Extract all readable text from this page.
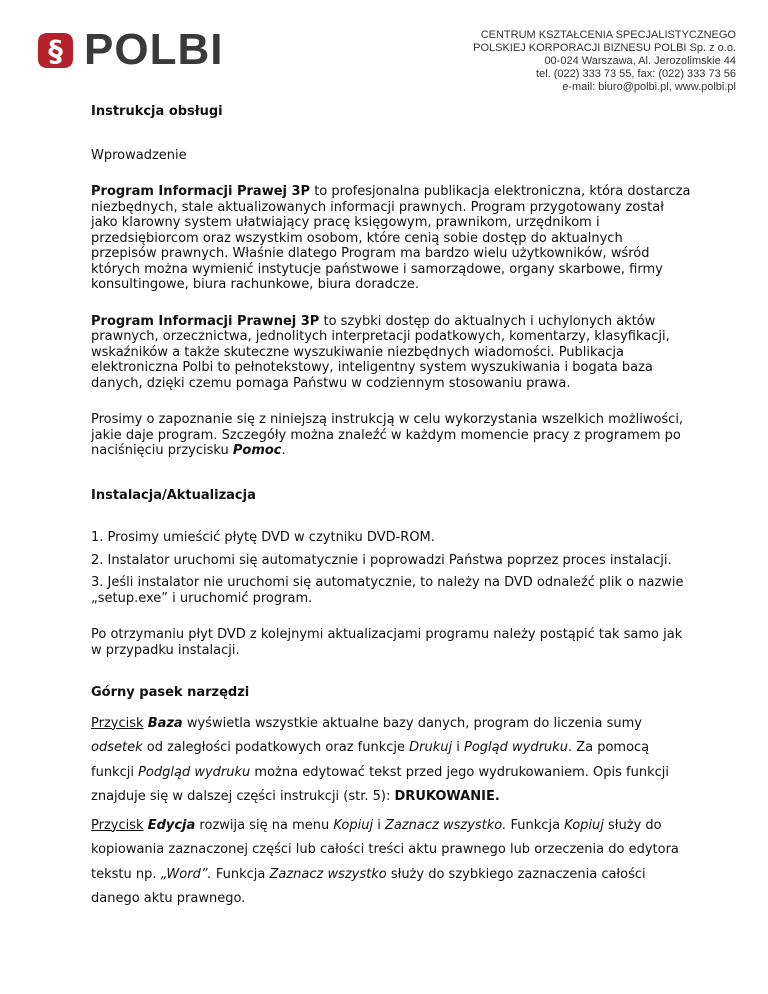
§ POLBI	CENTRUM KSZTAŁCENIA SPECJALISTYCZNEGO
POLSKIEJ KORPORACJI BIZNESU POLBI Sp. z o.o.
00-024 Warszawa, Al. Jerozolimskie 44
tel. (022) 333 73 55, fax: (022) 333 73 56
e-mail: biuro@polbi.pl, www.polbi.pl

Instrukcja obsługi

Wprowadzenie

Program Informacji Prawej 3P to profesjonalna publikacja elektroniczna, która dostarcza niezbędnych, stale aktualizowanych informacji prawnych. Program przygotowany został jako klarowny system ułatwiający pracę księgowym, prawnikom, urzędnikom i przedsiębiorcom oraz wszystkim osobom, które cenią sobie dostęp do aktualnych przepisów prawnych. Właśnie dlatego Program ma bardzo wielu użytkowników, wśród których można wymienić instytucje państwowe i samorządowe, organy skarbowe, firmy konsultingowe, biura rachunkowe, biura doradcze.

Program Informacji Prawnej 3P to szybki dostęp do aktualnych i uchylonych aktów prawnych, orzecznictwa, jednolitych interpretacji podatkowych, komentarzy, klasyfikacji, wskaźników a także skuteczne wyszukiwanie niezbędnych wiadomości. Publikacja elektroniczna Polbi to pełnotekstowy, inteligentny system wyszukiwania i bogata baza danych, dzięki czemu pomaga Państwu w codziennym stosowaniu prawa.

Prosimy o zapoznanie się z niniejszą instrukcją w celu wykorzystania wszelkich możliwości, jakie daje program. Szczegóły można znaleźć w każdym momencie pracy z programem po naciśnięciu przycisku Pomoc.

Instalacja/Aktualizacja

1. Prosimy umieścić płytę DVD w czytniku DVD-ROM.

2. Instalator uruchomi się automatycznie i poprowadzi Państwa poprzez proces instalacji.

3. Jeśli instalator nie uruchomi się automatycznie, to należy na DVD odnaleźć plik o nazwie „setup.exe” i uruchomić program.

Po otrzymaniu płyt DVD z kolejnymi aktualizacjami programu należy postąpić tak samo jak w przypadku instalacji.

Górny pasek narzędzi

Przycisk Baza wyświetla wszystkie aktualne bazy danych, program do liczenia sumy odsetek od zaległości podatkowych oraz funkcje Drukuj i Pogląd wydruku. Za pomocą funkcji Podgląd wydruku można edytować tekst przed jego wydrukowaniem. Opis funkcji znajduje się w dalszej części instrukcji (str. 5): DRUKOWANIE.

Przycisk Edycja rozwija się na menu Kopiuj i Zaznacz wszystko. Funkcja Kopiuj służy do kopiowania zaznaczonej części lub całości treści aktu prawnego lub orzeczenia do edytora tekstu np. „Word”. Funkcja Zaznacz wszystko służy do szybkiego zaznaczenia całości danego aktu prawnego.
